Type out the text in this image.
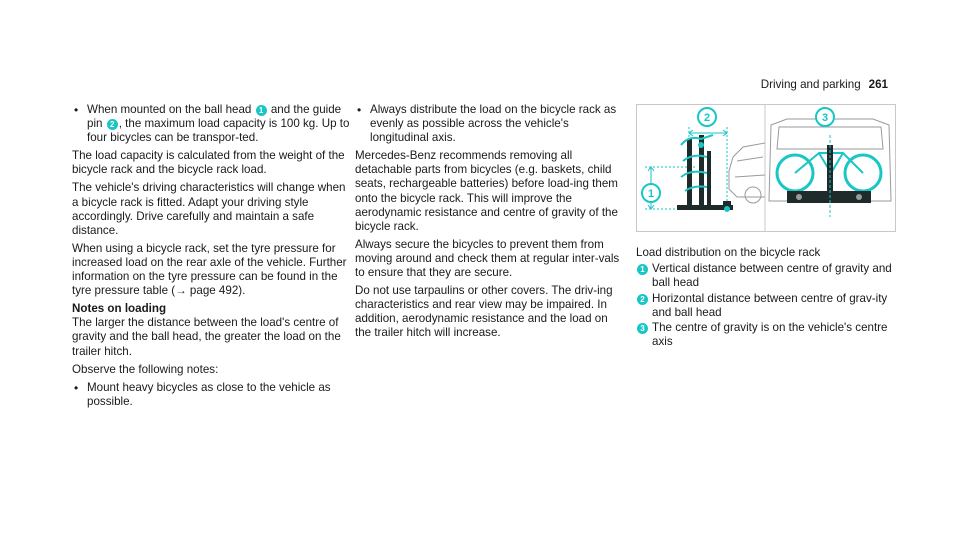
Driving and parking 261
• When mounted on the ball head 1 and the guide pin 2 , the maximum load capacity is 100 kg. Up to four bicycles can be transpor-ted.

The load capacity is calculated from the weight of the bicycle rack and the bicycle rack load.

The vehicle's driving characteristics will change when a bicycle rack is fitted. Adapt your driving style accordingly. Drive carefully and maintain a safe distance.

When using a bicycle rack, set the tyre pressure for increased load on the rear axle of the vehicle. Further information on the tyre pressure can be found in the tyre pressure table (→ page 492).

Notes on loading

The larger the distance between the load's centre of gravity and the ball head, the greater the load on the trailer hitch.

Observe the following notes:

• Mount heavy bicycles as close to the vehicle as possible.
• Always distribute the load on the bicycle rack as evenly as possible across the vehicle's longitudinal axis.

Mercedes-Benz recommends removing all detachable parts from bicycles (e.g. baskets, child seats, rechargeable batteries) before load-ing them onto the bicycle rack. This will improve the aerodynamic resistance and centre of gravity of the bicycle rack.

Always secure the bicycles to prevent them from moving around and check them at regular inter-vals to ensure that they are secure.

Do not use tarpaulins or other covers. The driv-ing characteristics and rear view may be impaired. In addition, aerodynamic resistance and the load on the trailer hitch will increase.

1
2	3
Load distribution on the bicycle rack
1 Vertical distance between centre of gravity and ball head
2 Horizontal distance between centre of grav-ity and ball head
3 The centre of gravity is on the vehicle's centre axis
